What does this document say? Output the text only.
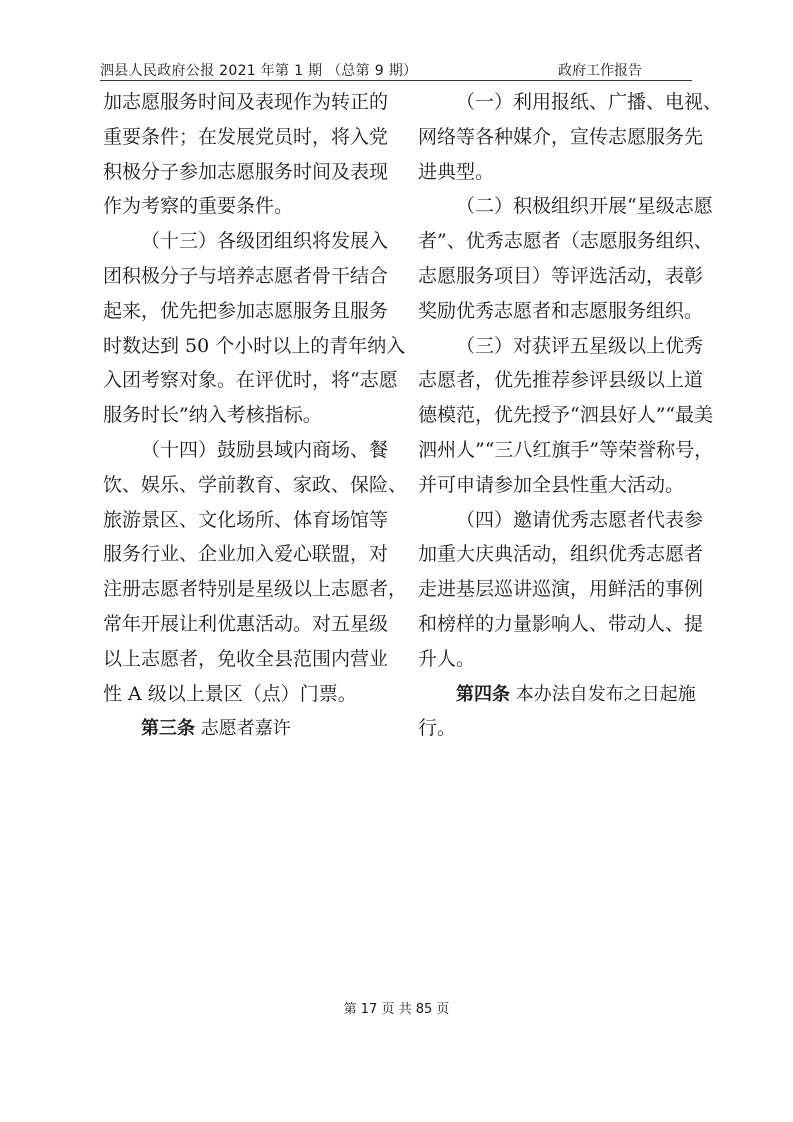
泗县人民政府公报 2021 年第 1 期 （总第 9 期）	政府工作报告
加志愿服务时间及表现作为转正的
重要条件；在发展党员时，将入党
积极分子参加志愿服务时间及表现
作为考察的重要条件。
（十三）各级团组织将发展入
团积极分子与培养志愿者骨干结合
起来，优先把参加志愿服务且服务
时数达到 50 个小时以上的青年纳入
入团考察对象。在评优时，将“志愿
服务时长”纳入考核指标。
（十四）鼓励县域内商场、餐
饮、娱乐、学前教育、家政、保险、
旅游景区、文化场所、体育场馆等
服务行业、企业加入爱心联盟，对
注册志愿者特别是星级以上志愿者，
常年开展让利优惠活动。对五星级
以上志愿者，免收全县范围内营业
性 A 级以上景区（点）门票。
第三条 志愿者嘉许
（一）利用报纸、广播、电视、
网络等各种媒介，宣传志愿服务先
进典型。
（二）积极组织开展“星级志愿
者”、优秀志愿者（志愿服务组织、
志愿服务项目）等评选活动，表彰
奖励优秀志愿者和志愿服务组织。
（三）对获评五星级以上优秀
志愿者，优先推荐参评县级以上道
德模范，优先授予“泗县好人”“最美
泗州人”“三八红旗手”等荣誉称号，
并可申请参加全县性重大活动。
（四）邀请优秀志愿者代表参
加重大庆典活动，组织优秀志愿者
走进基层巡讲巡演，用鲜活的事例
和榜样的力量影响人、带动人、提
升人。
第四条 本办法自发布之日起施
行。
第 17 页 共 85 页
